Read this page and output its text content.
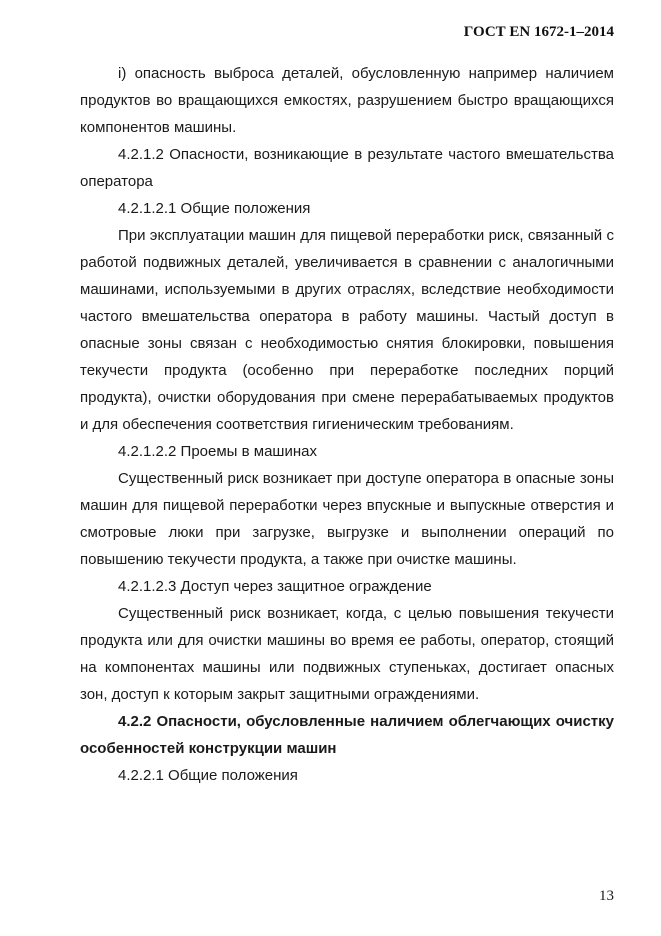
ГОСТ EN 1672-1–2014

i) опасность выброса деталей, обусловленную например наличием продуктов во вращающихся емкостях, разрушением быстро вращающихся компонентов машины.

4.2.1.2 Опасности, возникающие в результате частого вмешательства оператора

4.2.1.2.1 Общие положения

При эксплуатации машин для пищевой переработки риск, связанный с работой подвижных деталей, увеличивается в сравнении с аналогичными машинами, используемыми в других отраслях, вследствие необходимости частого вмешательства оператора в работу машины. Частый доступ в опасные зоны связан с необходимостью снятия блокировки, повышения текучести продукта (особенно при переработке последних порций продукта), очистки оборудования при смене перерабатываемых продуктов и для обеспечения соответствия гигиеническим требованиям.

4.2.1.2.2 Проемы в машинах

Существенный риск возникает при доступе оператора в опасные зоны машин для пищевой переработки через впускные и выпускные отверстия и смотровые люки при загрузке, выгрузке и выполнении операций по повышению текучести продукта, а также при очистке машины.

4.2.1.2.3 Доступ через защитное ограждение

Существенный риск возникает, когда, с целью повышения текучести продукта или для очистки машины во время ее работы, оператор, стоящий на компонентах машины или подвижных ступеньках, достигает опасных зон, доступ к которым закрыт защитными ограждениями.

4.2.2 Опасности, обусловленные наличием облегчающих очистку особенностей конструкции машин

4.2.2.1 Общие положения

13
